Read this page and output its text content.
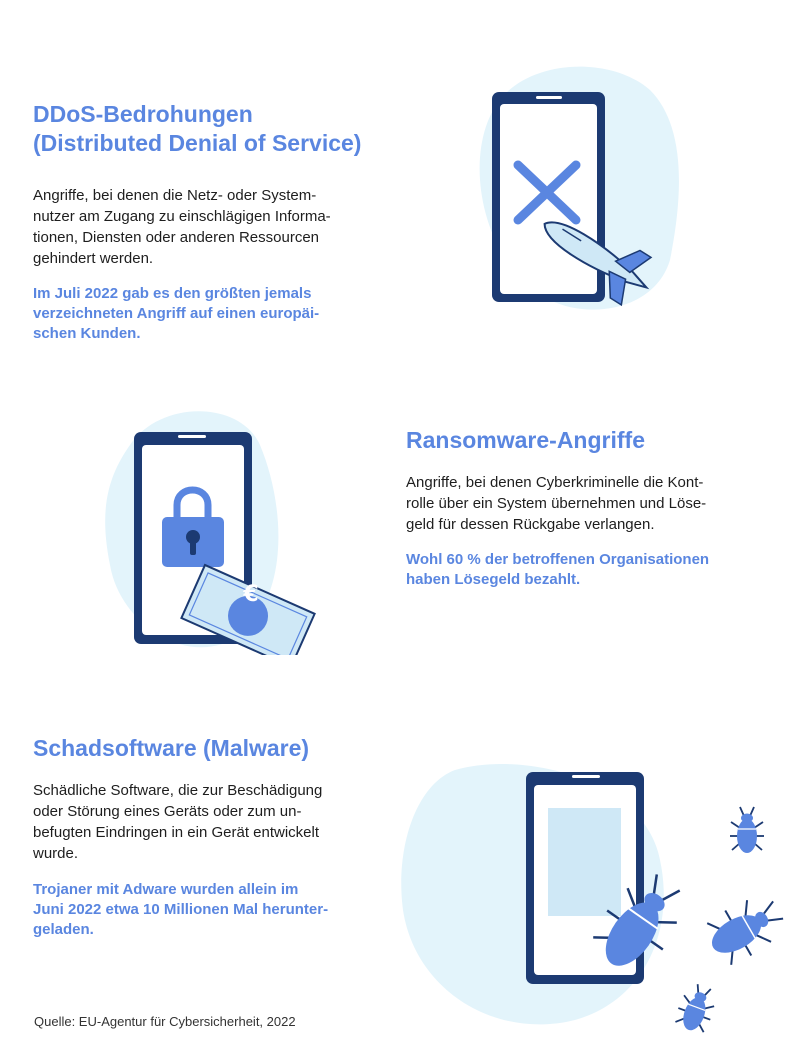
DDoS-Bedrohungen
(Distributed Denial of Service)

Angriffe, bei denen die Netz- oder System-
nutzer am Zugang zu einschlägigen Informa-
tionen, Diensten oder anderen Ressourcen
gehindert werden.

Im Juli 2022 gab es den größten jemals
verzeichneten Angriff auf einen europäi-
schen Kunden.

€
Ransomware-Angriffe

Angriffe, bei denen Cyberkriminelle die Kont-
rolle über ein System übernehmen und Löse-
geld für dessen Rückgabe verlangen.

Wohl 60 % der betroffenen Organisationen
haben Lösegeld bezahlt.

Schadsoftware (Malware)

Schädliche Software, die zur Beschädigung
oder Störung eines Geräts oder zum un-
befugten Eindringen in ein Gerät entwickelt
wurde.

Trojaner mit Adware wurden allein im
Juni 2022 etwa 10 Millionen Mal herunter-
geladen.

Quelle: EU-Agentur für Cybersicherheit, 2022
